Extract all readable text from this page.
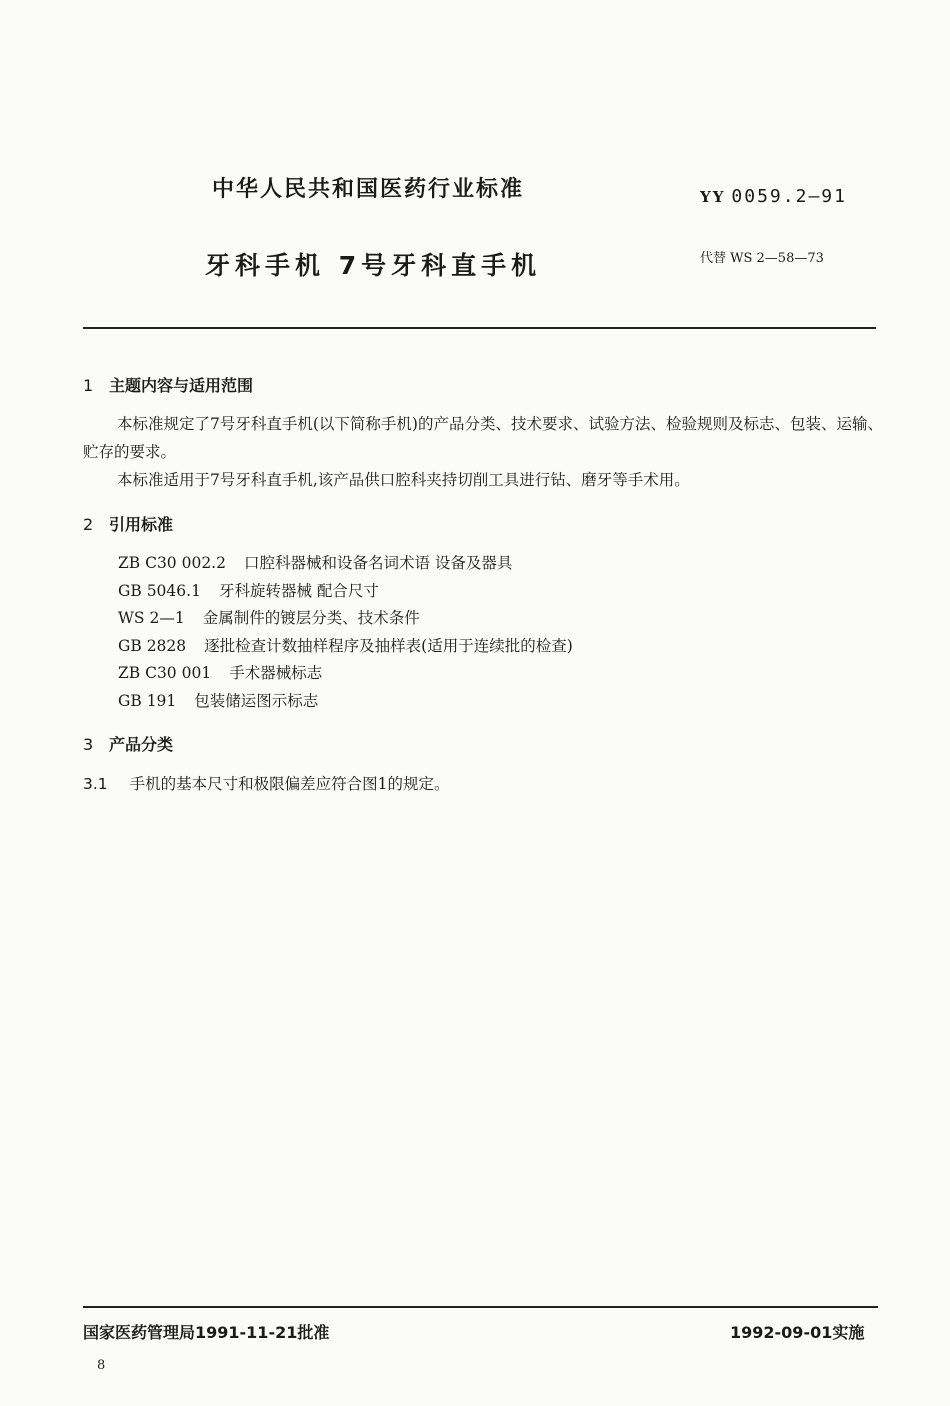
中华人民共和国医药行业标准	YY 0059.2—91
牙科手机 7号牙科直手机	代替 WS 2—58—73
1 主题内容与适用范围
本标准规定了7号牙科直手机(以下简称手机)的产品分类、技术要求、试验方法、检验规则及标志、包装、运输、贮存的要求。
本标准适用于7号牙科直手机,该产品供口腔科夹持切削工具进行钻、磨牙等手术用。
2 引用标准
ZB C30 002.2 口腔科器械和设备名词术语 设备及器具
GB 5046.1 牙科旋转器械 配合尺寸
WS 2—1 金属制件的镀层分类、技术条件
GB 2828 逐批检查计数抽样程序及抽样表(适用于连续批的检查)
ZB C30 001 手术器械标志
GB 191 包装储运图示标志
3 产品分类
3.1 手机的基本尺寸和极限偏差应符合图1的规定。
国家医药管理局1991-11-21批准	1992-09-01实施
8
